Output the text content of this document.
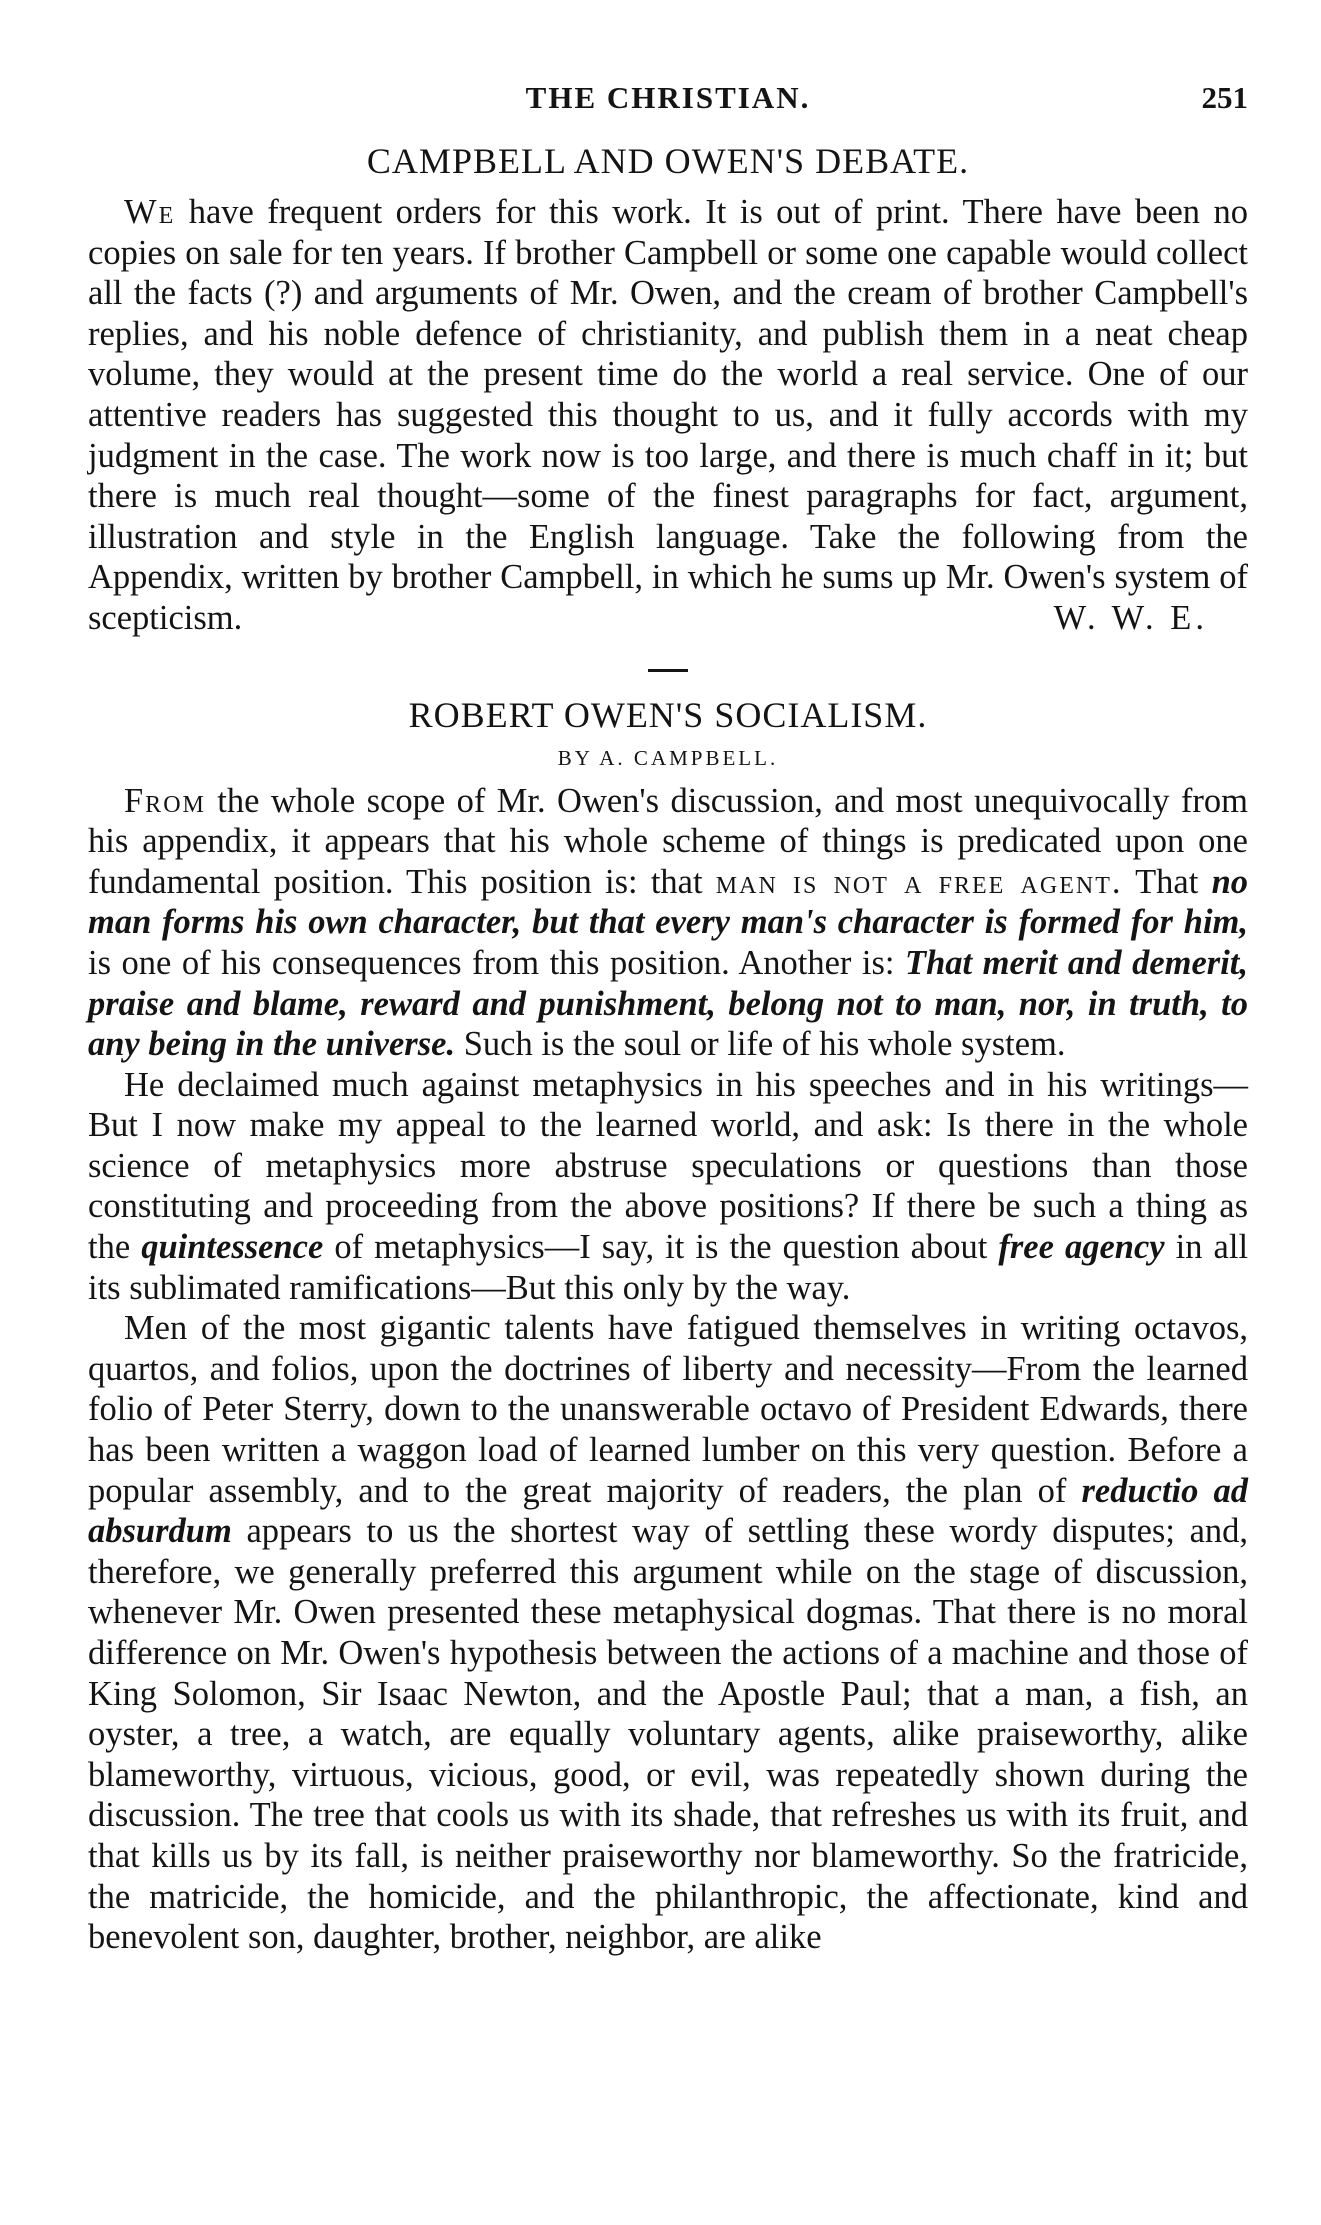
THE CHRISTIAN.	251
CAMPBELL AND OWEN'S DEBATE.

We have frequent orders for this work. It is out of print. There have been no copies on sale for ten years. If brother Campbell or some one capable would collect all the facts (?) and arguments of Mr. Owen, and the cream of brother Campbell's replies, and his noble defence of christianity, and publish them in a neat cheap volume, they would at the present time do the world a real service. One of our attentive readers has suggested this thought to us, and it fully accords with my judgment in the case. The work now is too large, and there is much chaff in it; but there is much real thought—some of the finest paragraphs for fact, argument, illustration and style in the English language. Take the following from the Appendix, written by brother Campbell, in which he sums up Mr. Owen's system of scepticism.	W. W. E.

ROBERT OWEN'S SOCIALISM.
BY A. CAMPBELL.

From the whole scope of Mr. Owen's discussion, and most unequivocally from his appendix, it appears that his whole scheme of things is predicated upon one fundamental position. This position is: that man is not a free agent. That no man forms his own character, but that every man's character is formed for him, is one of his consequences from this position. Another is: That merit and demerit, praise and blame, reward and punishment, belong not to man, nor, in truth, to any being in the universe. Such is the soul or life of his whole system.

He declaimed much against metaphysics in his speeches and in his writings—But I now make my appeal to the learned world, and ask: Is there in the whole science of metaphysics more abstruse speculations or questions than those constituting and proceeding from the above positions? If there be such a thing as the quintessence of metaphysics—I say, it is the question about free agency in all its sublimated ramifications—But this only by the way.

Men of the most gigantic talents have fatigued themselves in writing octavos, quartos, and folios, upon the doctrines of liberty and necessity—From the learned folio of Peter Sterry, down to the unanswerable octavo of President Edwards, there has been written a waggon load of learned lumber on this very question. Before a popular assembly, and to the great majority of readers, the plan of reductio ad absurdum appears to us the shortest way of settling these wordy disputes; and, therefore, we generally preferred this argument while on the stage of discussion, whenever Mr. Owen presented these metaphysical dogmas. That there is no moral difference on Mr. Owen's hypothesis between the actions of a machine and those of King Solomon, Sir Isaac Newton, and the Apostle Paul; that a man, a fish, an oyster, a tree, a watch, are equally voluntary agents, alike praiseworthy, alike blameworthy, virtuous, vicious, good, or evil, was repeatedly shown during the discussion. The tree that cools us with its shade, that refreshes us with its fruit, and that kills us by its fall, is neither praiseworthy nor blameworthy. So the fratricide, the matricide, the homicide, and the philanthropic, the affectionate, kind and benevolent son, daughter, brother, neighbor, are alike
